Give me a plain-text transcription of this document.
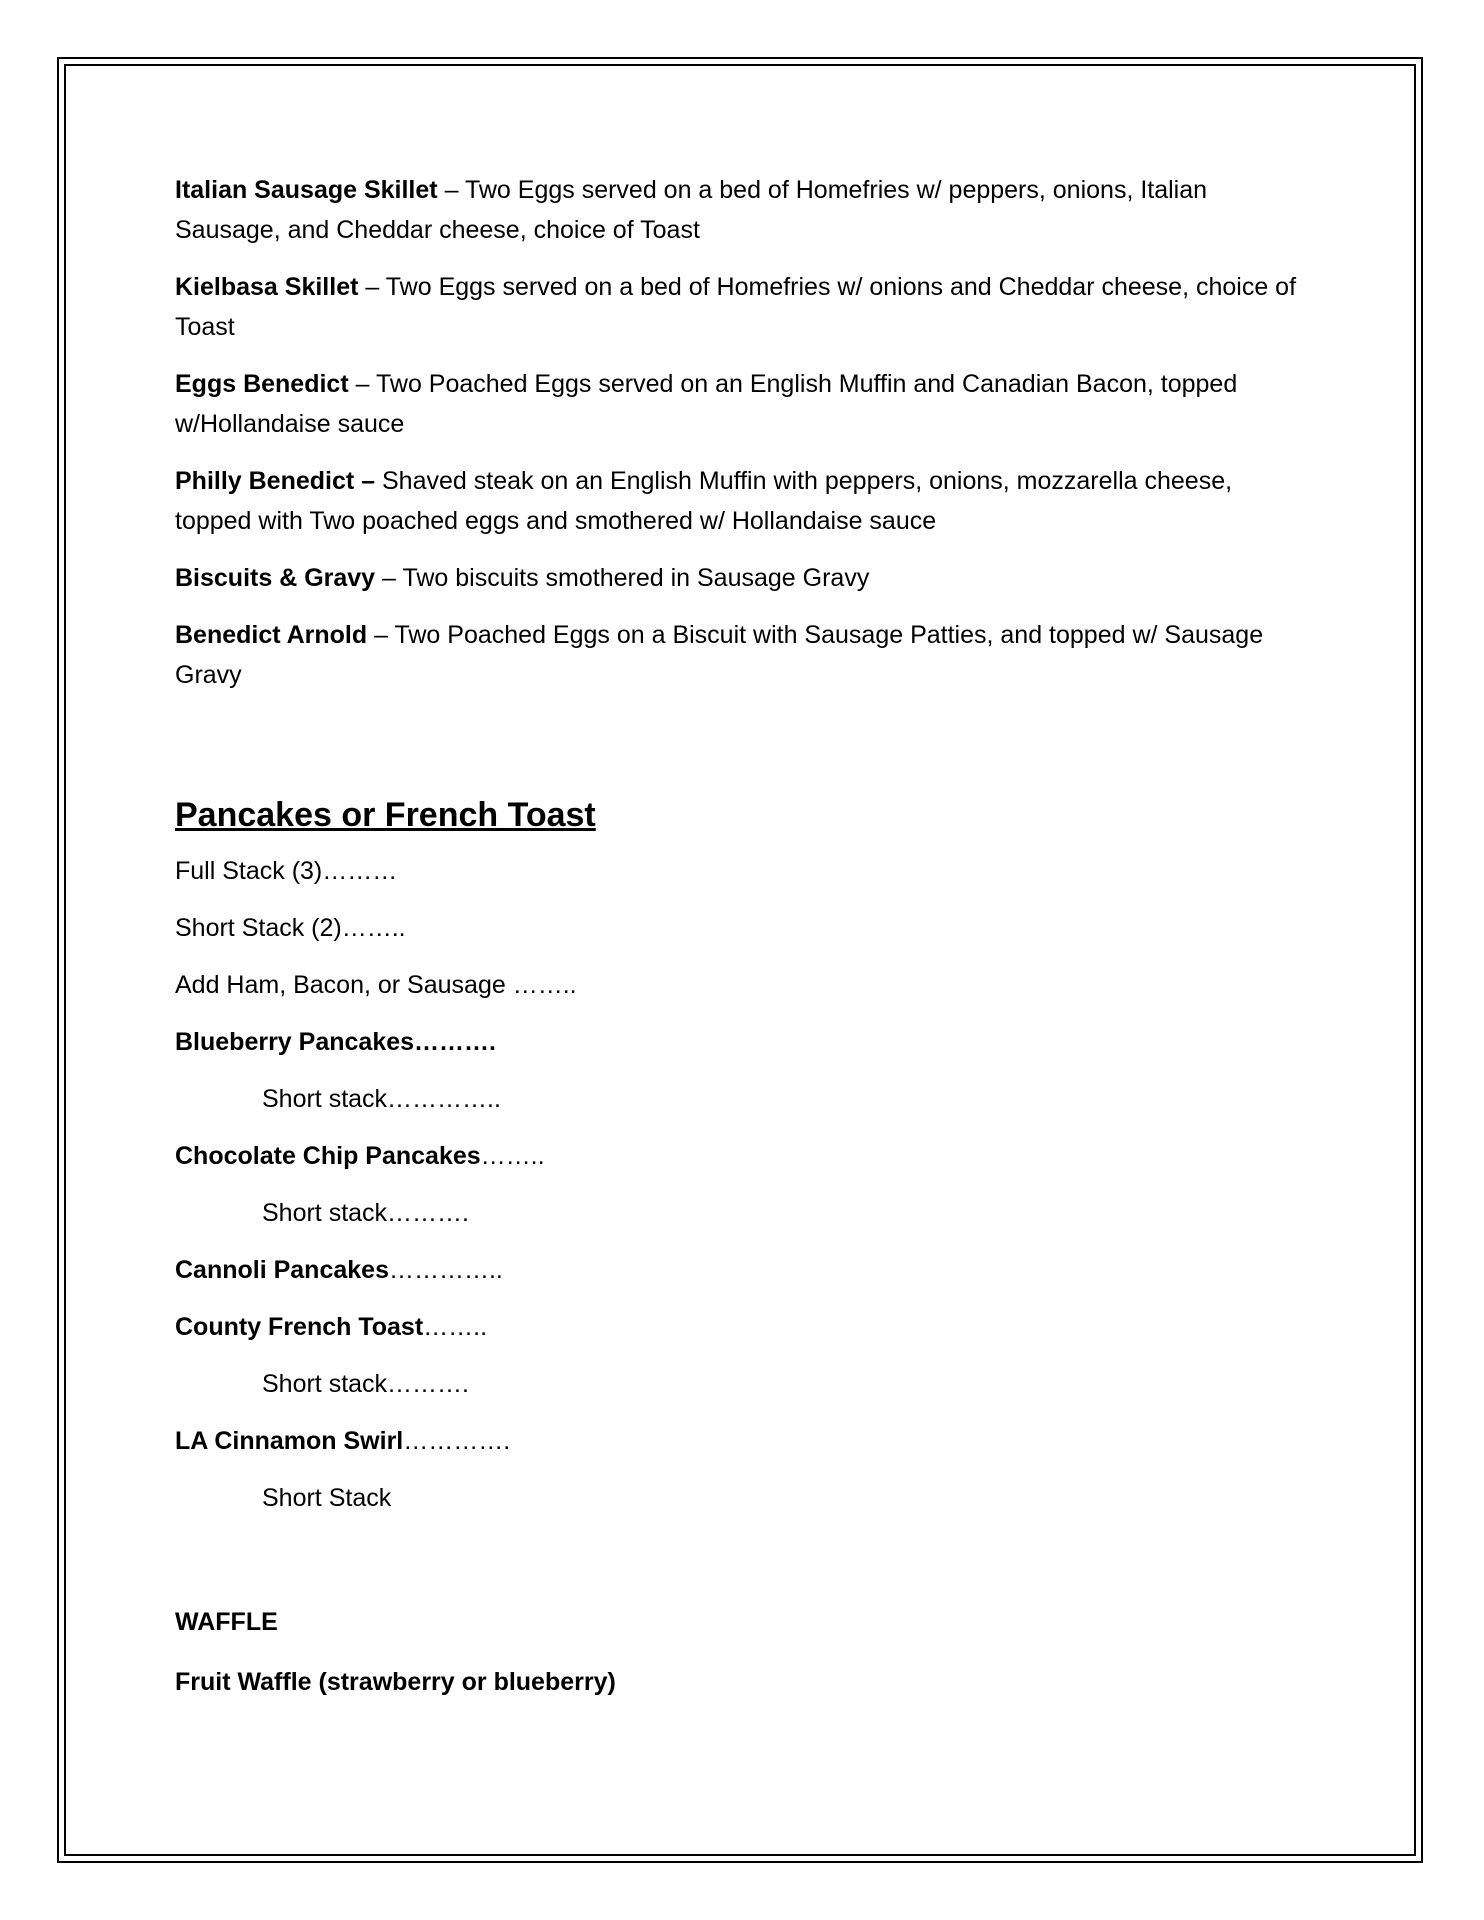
Italian Sausage Skillet – Two Eggs served on a bed of Homefries w/ peppers, onions, Italian Sausage, and Cheddar cheese, choice of Toast
Kielbasa Skillet – Two Eggs served on a bed of Homefries w/ onions and Cheddar cheese, choice of Toast
Eggs Benedict – Two Poached Eggs served on an English Muffin and Canadian Bacon, topped w/Hollandaise sauce
Philly Benedict – Shaved steak on an English Muffin with peppers, onions, mozzarella cheese, topped with Two poached eggs and smothered w/ Hollandaise sauce
Biscuits & Gravy – Two biscuits smothered in Sausage Gravy
Benedict Arnold – Two Poached Eggs on a Biscuit with Sausage Patties, and topped w/ Sausage Gravy
Pancakes or French Toast
Full Stack (3)………
Short Stack (2)……..
Add Ham, Bacon, or Sausage ……..
Blueberry Pancakes……….
Short stack…………..
Chocolate Chip Pancakes……..
Short stack……….
Cannoli Pancakes…………..
County French Toast……..
Short stack……….
LA Cinnamon Swirl………….
Short Stack
WAFFLE
Fruit Waffle (strawberry or blueberry)
